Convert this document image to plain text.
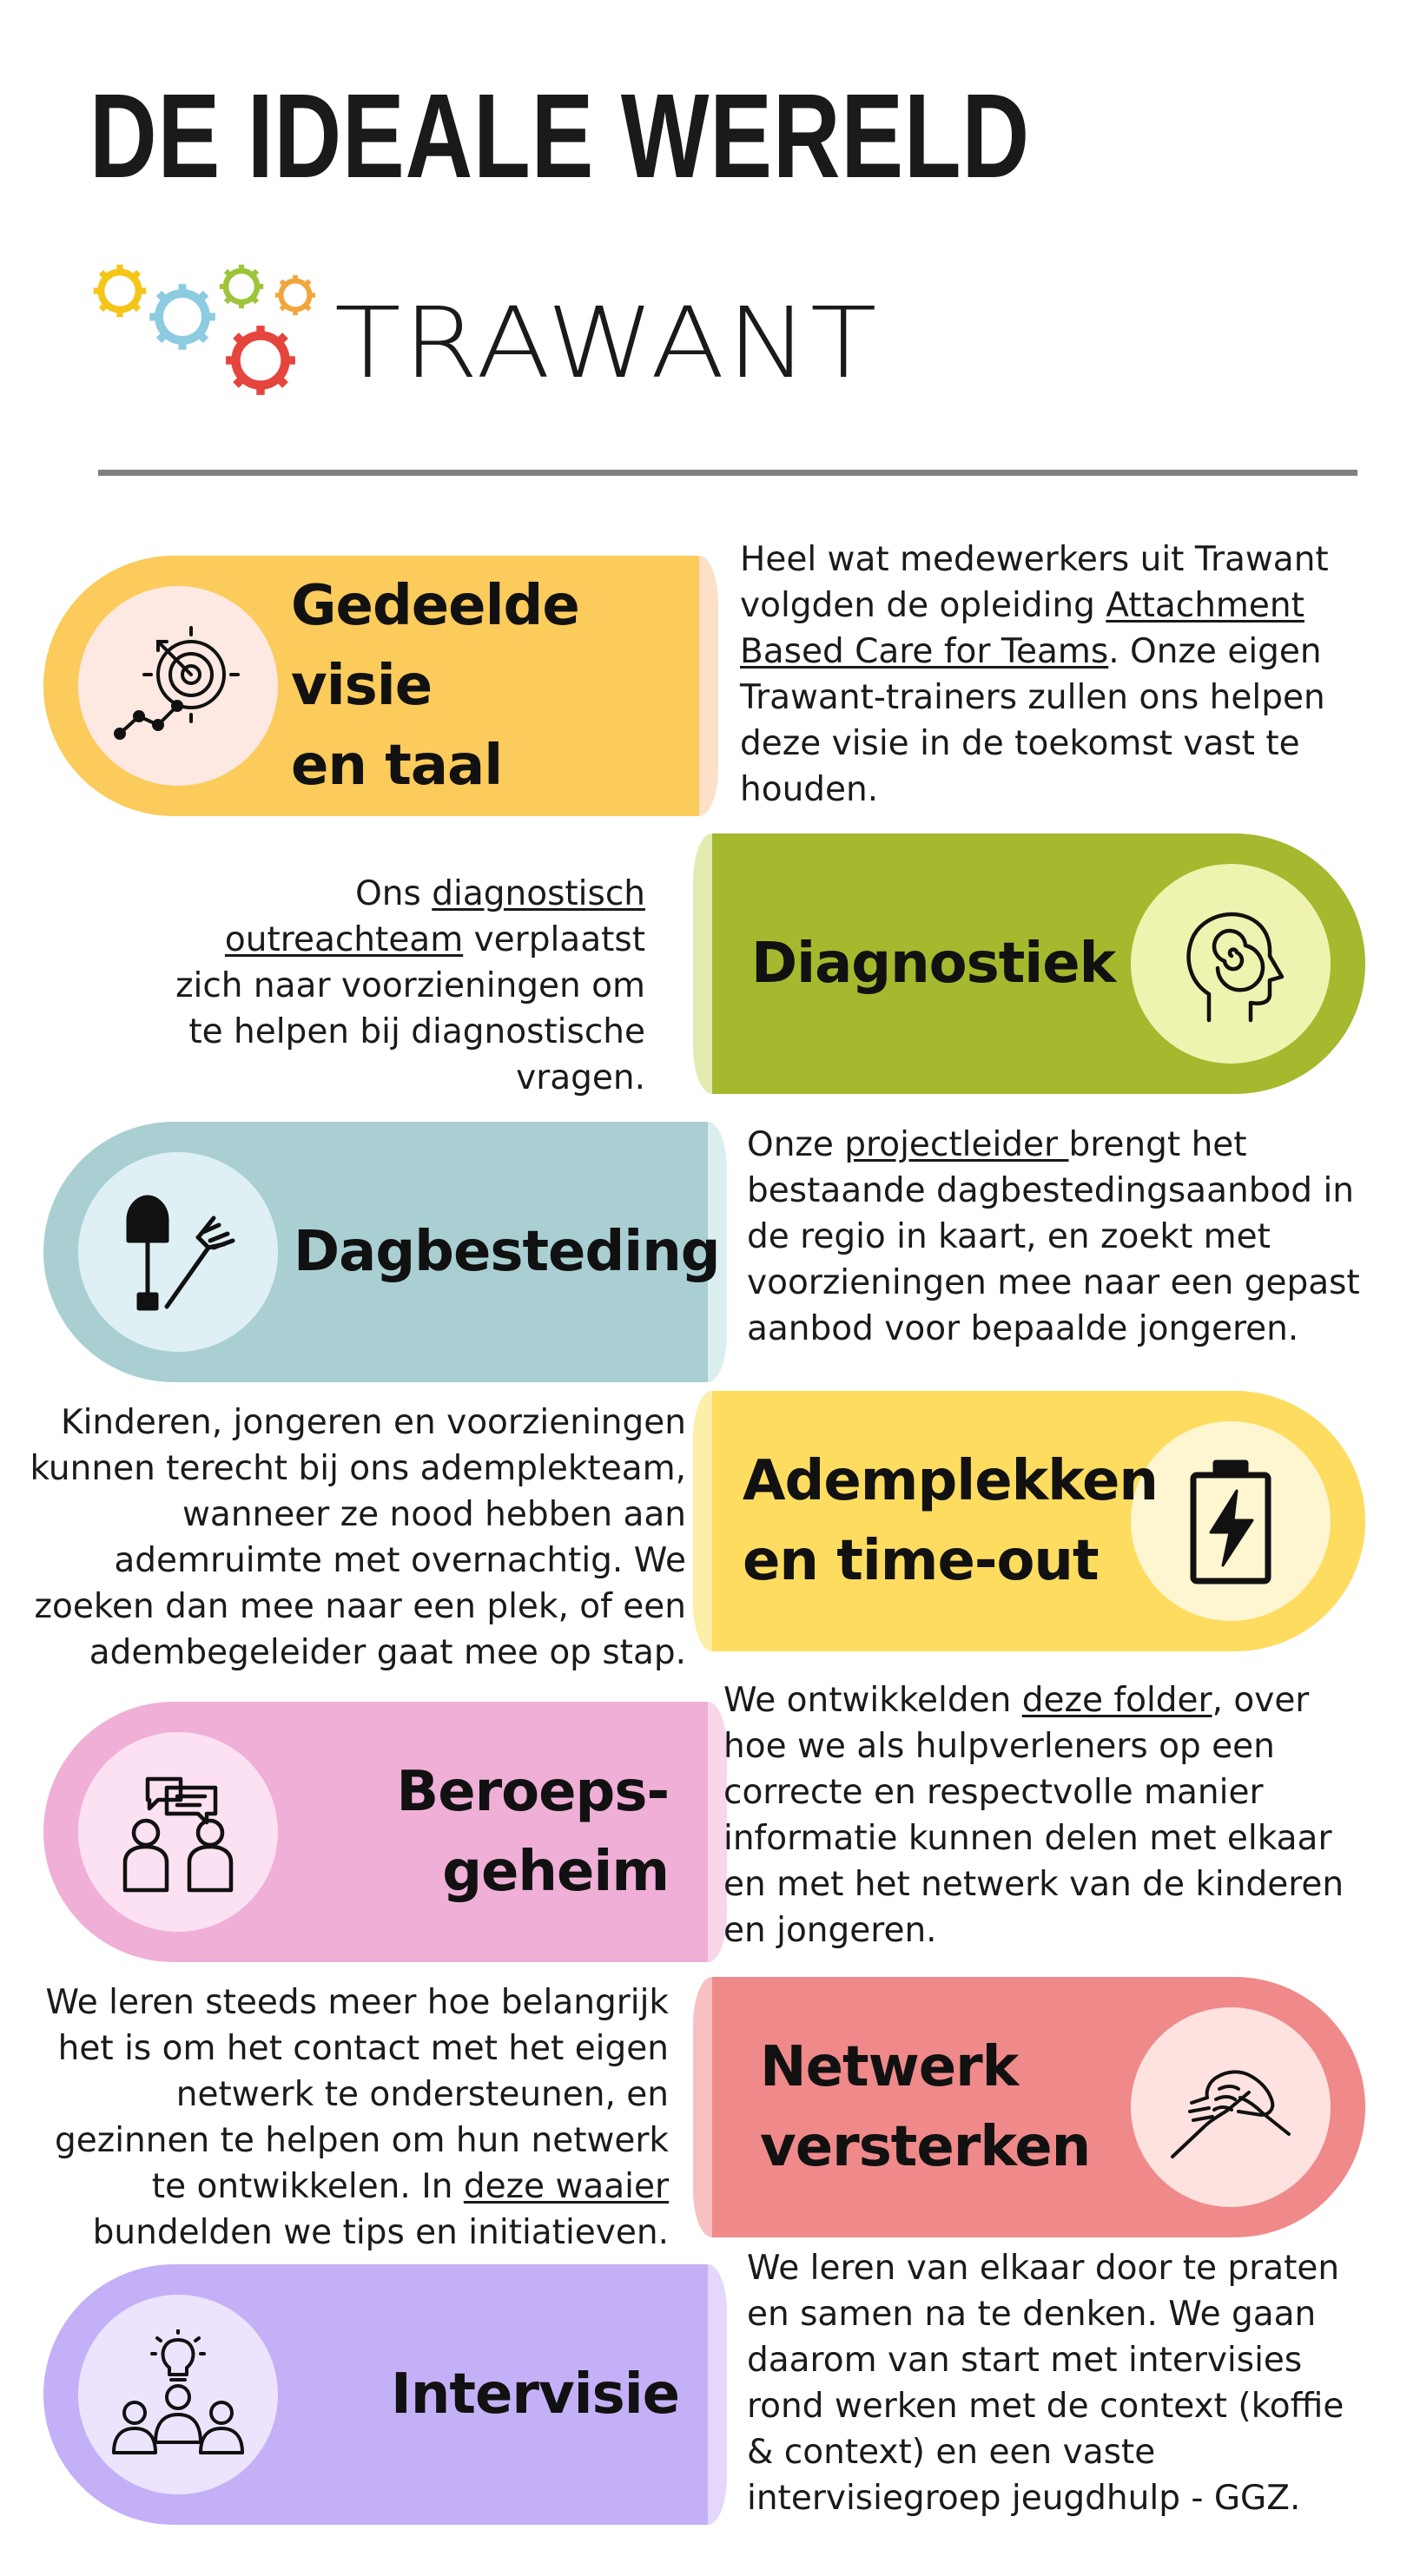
DE IDEALE WERELD
TRAWANT
Gedeelde visie
en taal
Heel wat medewerkers uit Trawant
volgden de opleiding Attachment
Based Care for Teams. Onze eigen
Trawant-trainers zullen ons helpen
deze visie in de toekomst vast te
houden.
Ons diagnostisch
outreachteam verplaatst
zich naar voorzieningen om
te helpen bij diagnostische
vragen.
Diagnostiek
Dagbesteding
Onze projectleider brengt het
bestaande dagbestedingsaanbod in
de regio in kaart, en zoekt met
voorzieningen mee naar een gepast
aanbod voor bepaalde jongeren.
Kinderen, jongeren en voorzieningen
kunnen terecht bij ons ademplekteam,
wanneer ze nood hebben aan
ademruimte met overnachtig. We
zoeken dan mee naar een plek, of een
adembegeleider gaat mee op stap.
Ademplekken
en time-out
Beroeps-
geheim
We ontwikkelden deze folder, over
hoe we als hulpverleners op een
correcte en respectvolle manier
informatie kunnen delen met elkaar
en met het netwerk van de kinderen
en jongeren.
We leren steeds meer hoe belangrijk
het is om het contact met het eigen
netwerk te ondersteunen, en
gezinnen te helpen om hun netwerk
te ontwikkelen. In deze waaier
bundelden we tips en initiatieven.
Netwerk
versterken
Intervisie
We leren van elkaar door te praten
en samen na te denken. We gaan
daarom van start met intervisies
rond werken met de context (koffie
& context) en een vaste
intervisiegroep jeugdhulp - GGZ.
